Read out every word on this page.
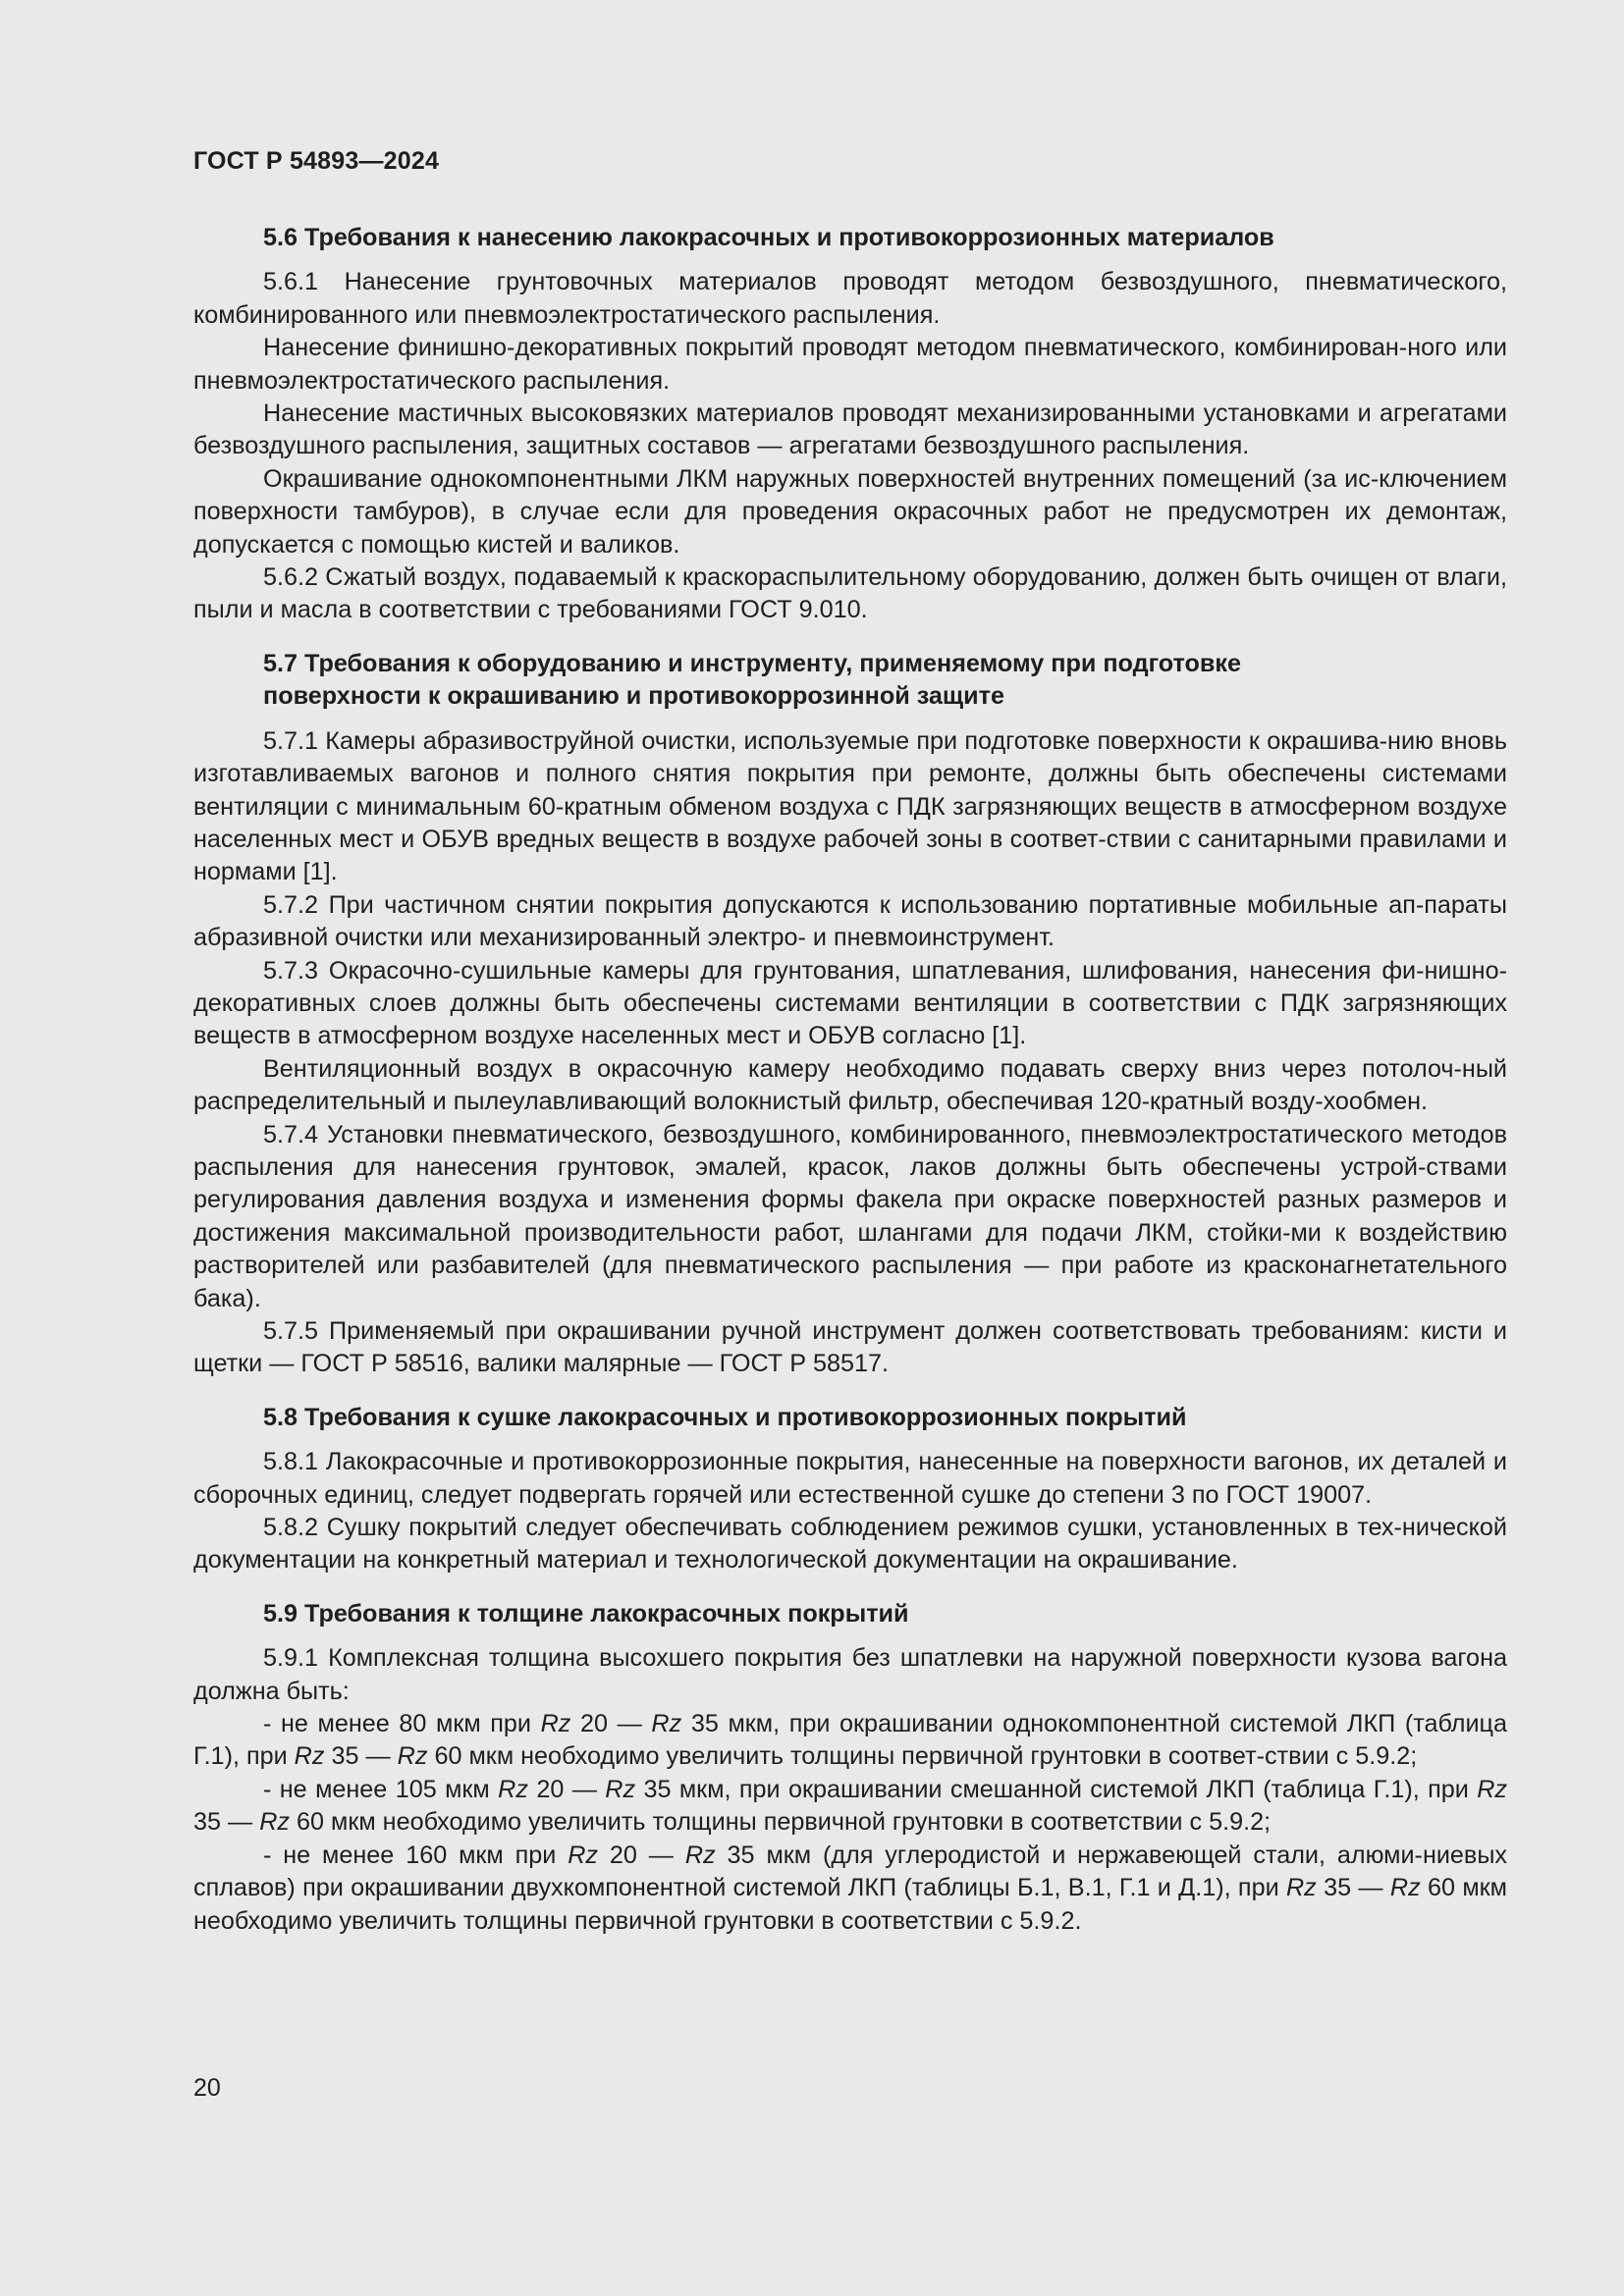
ГОСТ Р 54893—2024
5.6 Требования к нанесению лакокрасочных и противокоррозионных материалов

5.6.1 Нанесение грунтовочных материалов проводят методом безвоздушного, пневматического, комбинированного или пневмоэлектростатического распыления.

Нанесение финишно-декоративных покрытий проводят методом пневматического, комбинирован-ного или пневмоэлектростатического распыления.

Нанесение мастичных высоковязких материалов проводят механизированными установками и агрегатами безвоздушного распыления, защитных составов — агрегатами безвоздушного распыления.

Окрашивание однокомпонентными ЛКМ наружных поверхностей внутренних помещений (за ис-ключением поверхности тамбуров), в случае если для проведения окрасочных работ не предусмотрен их демонтаж, допускается с помощью кистей и валиков.

5.6.2 Сжатый воздух, подаваемый к краскораспылительному оборудованию, должен быть очищен от влаги, пыли и масла в соответствии с требованиями ГОСТ 9.010.

5.7 Требования к оборудованию и инструменту, применяемому при подготовке
поверхности к окрашиванию и противокоррозинной защите

5.7.1 Камеры абразивоструйной очистки, используемые при подготовке поверхности к окрашива-нию вновь изготавливаемых вагонов и полного снятия покрытия при ремонте, должны быть обеспечены системами вентиляции с минимальным 60-кратным обменом воздуха с ПДК загрязняющих веществ в атмосферном воздухе населенных мест и ОБУВ вредных веществ в воздухе рабочей зоны в соответ-ствии с санитарными правилами и нормами [1].

5.7.2 При частичном снятии покрытия допускаются к использованию портативные мобильные ап-параты абразивной очистки или механизированный электро- и пневмоинструмент.

5.7.3 Окрасочно-сушильные камеры для грунтования, шпатлевания, шлифования, нанесения фи-нишно-декоративных слоев должны быть обеспечены системами вентиляции в соответствии с ПДК загрязняющих веществ в атмосферном воздухе населенных мест и ОБУВ согласно [1].

Вентиляционный воздух в окрасочную камеру необходимо подавать сверху вниз через потолоч-ный распределительный и пылеулавливающий волокнистый фильтр, обеспечивая 120-кратный возду-хообмен.

5.7.4 Установки пневматического, безвоздушного, комбинированного, пневмоэлектростатического методов распыления для нанесения грунтовок, эмалей, красок, лаков должны быть обеспечены устрой-ствами регулирования давления воздуха и изменения формы факела при окраске поверхностей разных размеров и достижения максимальной производительности работ, шлангами для подачи ЛКМ, стойки-ми к воздействию растворителей или разбавителей (для пневматического распыления — при работе из красконагнетательного бака).

5.7.5 Применяемый при окрашивании ручной инструмент должен соответствовать требованиям: кисти и щетки — ГОСТ Р 58516, валики малярные — ГОСТ Р 58517.

5.8 Требования к сушке лакокрасочных и противокоррозионных покрытий

5.8.1 Лакокрасочные и противокоррозионные покрытия, нанесенные на поверхности вагонов, их деталей и сборочных единиц, следует подвергать горячей или естественной сушке до степени 3 по ГОСТ 19007.

5.8.2 Сушку покрытий следует обеспечивать соблюдением режимов сушки, установленных в тех-нической документации на конкретный материал и технологической документации на окрашивание.

5.9 Требования к толщине лакокрасочных покрытий

5.9.1 Комплексная толщина высохшего покрытия без шпатлевки на наружной поверхности кузова вагона должна быть:

- не менее 80 мкм при Rz 20 — Rz 35 мкм, при окрашивании однокомпонентной системой ЛКП (таблица Г.1), при Rz 35 — Rz 60 мкм необходимо увеличить толщины первичной грунтовки в соответ-ствии с 5.9.2;

- не менее 105 мкм Rz 20 — Rz 35 мкм, при окрашивании смешанной системой ЛКП (таблица Г.1), при Rz 35 — Rz 60 мкм необходимо увеличить толщины первичной грунтовки в соответствии с 5.9.2;

- не менее 160 мкм при Rz 20 — Rz 35 мкм (для углеродистой и нержавеющей стали, алюми-ниевых сплавов) при окрашивании двухкомпонентной системой ЛКП (таблицы Б.1, В.1, Г.1 и Д.1), при Rz 35 — Rz 60 мкм необходимо увеличить толщины первичной грунтовки в соответствии с 5.9.2.

20
